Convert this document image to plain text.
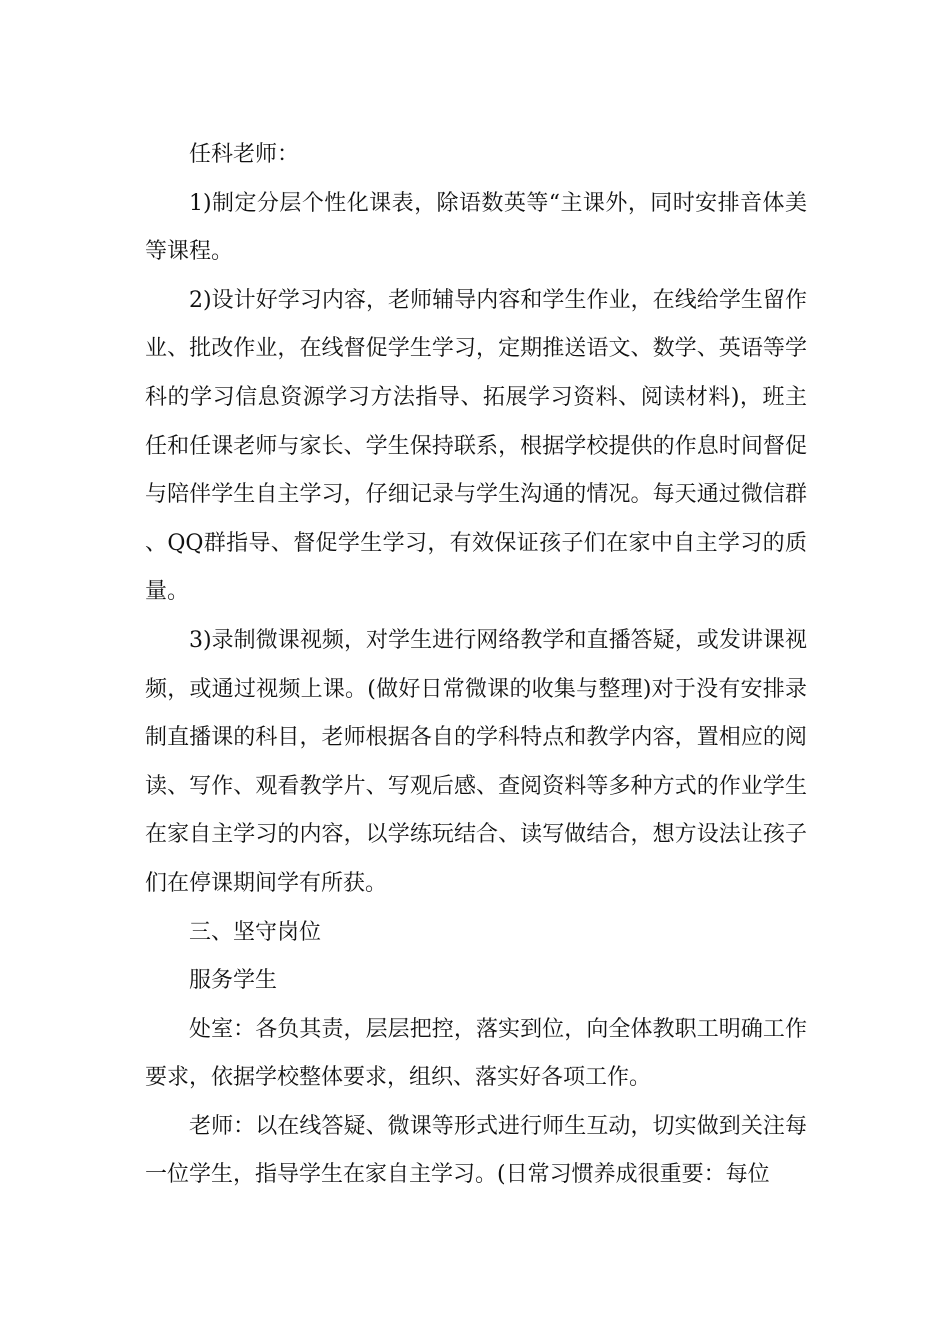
任科老师：

1)制定分层个性化课表，除语数英等“主课外，同时安排音体美等课程。

2)设计好学习内容，老师辅导内容和学生作业，在线给学生留作业、批改作业，在线督促学生学习，定期推送语文、数学、英语等学科的学习信息资源学习方法指导、拓展学习资料、阅读材料)，班主任和任课老师与家长、学生保持联系，根据学校提供的作息时间督促与陪伴学生自主学习，仔细记录与学生沟通的情况。每天通过微信群、QQ群指导、督促学生学习，有效保证孩子们在家中自主学习的质量。

3)录制微课视频，对学生进行网络教学和直播答疑，或发讲课视频，或通过视频上课。(做好日常微课的收集与整理)对于没有安排录制直播课的科目，老师根据各自的学科特点和教学内容，置相应的阅读、写作、观看教学片、写观后感、查阅资料等多种方式的作业学生在家自主学习的内容，以学练玩结合、读写做结合，想方设法让孩子们在停课期间学有所获。

三、坚守岗位

服务学生

处室：各负其责，层层把控，落实到位，向全体教职工明确工作要求，依据学校整体要求，组织、落实好各项工作。

老师：以在线答疑、微课等形式进行师生互动，切实做到关注每一位学生，指导学生在家自主学习。(日常习惯养成很重要：每位
